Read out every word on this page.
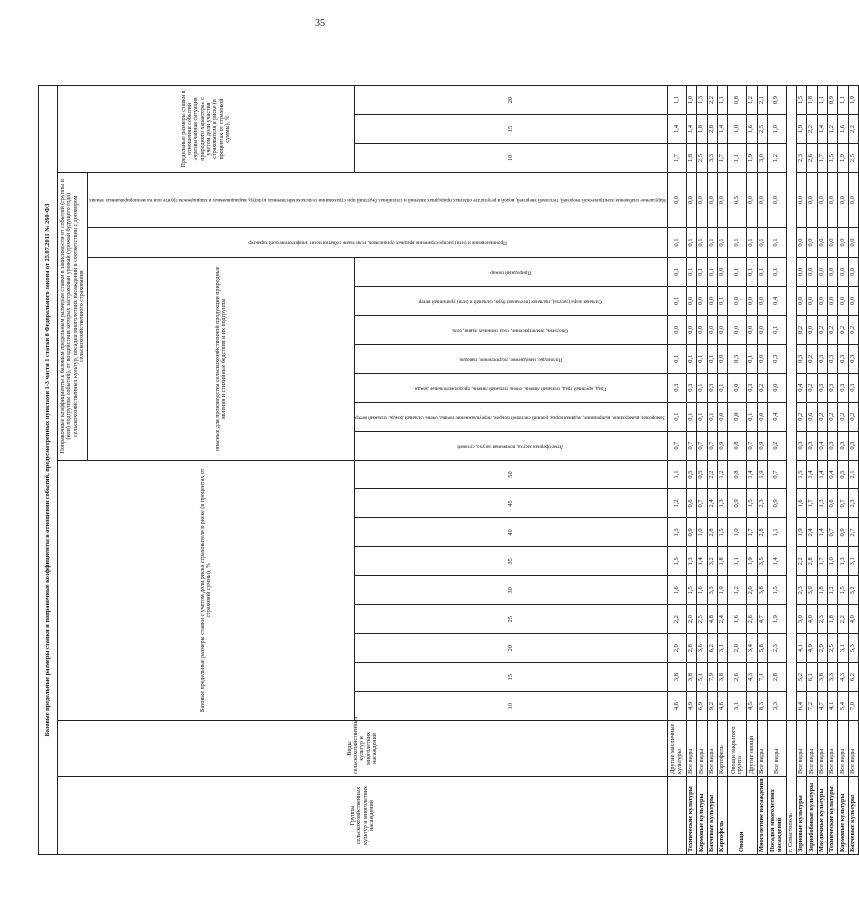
35
Базовые предельные размеры ставки и поправочные коэффициенты в отношении событий, предусмотренных пунктами 1-3 части 1 статьи 8 Федерального закона от 25.07.2011 № 260-ФЗ																						
Группы сельскохозяйственных культур и многолетних насаждений	Виды сельскохозяйственных культур и многолетних насаждений	Базовые предельные размеры ставки с учетом доли риска страхователя в риске (в процентах от страховой суммы), %									Поправочные коэффициенты к базовым предельным размерам ставки в зависимости от событий (группы и (или) подгруппы событий), от воздействия которых застрахован урожай (урожай будущего года) сельскохозяйственных культур, посадки многолетних насаждений в соответствии с договором сельскохозяйственного страхования									Предельные размеры ставки в отношении событий «чрезвычайная ситуация природного характера» с учетом доли участия страхователя в риске (в процентах от страховой суммы), %		
											опасные для производства сельскохозяйственной продукции природные явления и стихийные бедствия и их подгруппы							Проникновение и (или) распространение вредных организмов, если такие события носят эпифитотический характер	Нарушение снабжения электрической энергией, тепловой энергией, водой в результате опасных природных явлений и стихийных бедствий при страховании сельскохозяйственных культур, выращиваемых в защищенном грунте или на мелиорированных землях			
		10	15	20	25	30	35	40	45	50	Атмосферная засуха, почвенная засуха, суховей	Заморозки, вымерзание, выпревание, ледяная корка, ранний снеговой покров, переувлажнение почвы, очень сильный дождь, сильный ветер	Град, крупный град, сильный ливень, очень сильный ливень, продолжительные дожди	Половодье, наводнение, подтопление, паводок	Оползень, землетрясение, сход снежных лавин, сель	Сильная жара (засуха), пыльная (песчаная) буря, сильный и (или) ураганный ветер	Природный пожар			10	15	20
	Другие масличные культуры	4,6	3,8	2,9	2,2	1,6	1,5	1,3	1,2	1,1	0,7	0,1	0,3	0,1	0,0	0,1	0,1	0,1	0,0	1,7	1,4	1,1
Технические культуры	Все виды	4,9	3,8	2,8	2,0	1,5	1,3	0,9	0,6	0,5	0,7	0,1	0,3	0,1	0,0	0,0	0,1	0,1	0,0	1,8	1,4	1,0
Кормовые культуры	Все виды	6,9	5,1	3,6	2,5	1,6	1,4	1,0	0,7	0,5	0,7	0,1	0,1	0,1	0,0	0,0	0,1	0,1	0,0	2,5	1,8	1,3
Бахчевые культуры	Все виды	9,2	7,9	6,2	4,8	3,3	3,2	2,8	2,4	2,2	0,7	0,1	0,3	0,1	0,0	0,0	0,1	0,1	0,0	3,3	2,8	2,2
Картофель	Картофель	4,6	3,8	3,1	2,4	1,9	1,8	1,5	1,3	1,2	0,9	0,0	0,1	0,0	0,0	0,1	0,0	0,1	0,0	1,7	1,4	1,1
Овощи	Овощи закрытого грунта	3,1	2,6	2,0	1,6	1,2	1,1	1,0	0,9	0,8	0,8	0,0	0,0	0,3	0,0	0,0	0,1	0,1	0,5	1,1	1,0	0,8
	Другие овощи	4,5	4,3	3,4	2,6	2,0	1,9	1,7	1,5	1,4	0,7	0,1	0,3	0,1	0,0	0,0	0,1	0,1	0,0	1,9	1,6	1,2
Многолетние насаждения	Все виды	8,3	7,1	5,8	4,7	3,8	3,5	2,8	2,3	1,9	0,9	0,0	0,2	0,0	0,0	0,0	0,1	0,1	0,0	3,0	2,5	2,1
Посадки многолетних насаждений	Все виды	3,3	2,8	2,3	1,9	1,5	1,4	1,1	0,9	0,7	0,2	0,4	0,0	0,3	0,1	0,4	0,1	0,1	0,0	1,2	1,0	0,9
г. Севастополь																						
Зерновые культуры	Все виды	6,4	5,2	4,1	3,0	2,3	2,2	1,9	1,6	1,5	0,3	0,2	0,4	0,3	0,2	0,0	0,0	0,0	0,0	2,3	1,9	1,5
Зернобобовые культуры	Все виды	7,2	6,1	4,9	4,0	3,0	2,8	2,4	1,7	1,4	0,3	0,6	0,2	0,2	0,0	0,0	0,0	0,0	0,0	2,6	2,2	1,8
Масличные культуры	Все виды	4,7	3,8	2,9	2,3	1,8	1,7	1,4	1,3	1,4	0,4	0,2	0,3	0,3	0,2	0,0	0,0	0,0	0,0	1,7	1,4	1,1
Технические культуры	Все виды	4,1	3,3	2,5	1,8	1,2	1,0	0,7	0,6	0,4	0,3	0,2	0,3	0,3	0,2	0,0	0,0	0,0	0,0	1,5	1,2	0,9
Кормовые культуры	Все виды	5,4	4,3	3,1	2,2	1,5	1,3	0,9	0,7	0,5	0,3	0,2	0,3	0,3	0,2	0,0	0,0	0,0	0,0	1,9	1,6	1,1
Бахчевые культуры	Все виды	7,0	6,2	5,3	4,0	3,2	3,1	2,7	2,3	2,1	0,3	0,2	0,3	0,3	0,2	0,0	0,0	0,0	0,0	2,5	2,2	1,9
